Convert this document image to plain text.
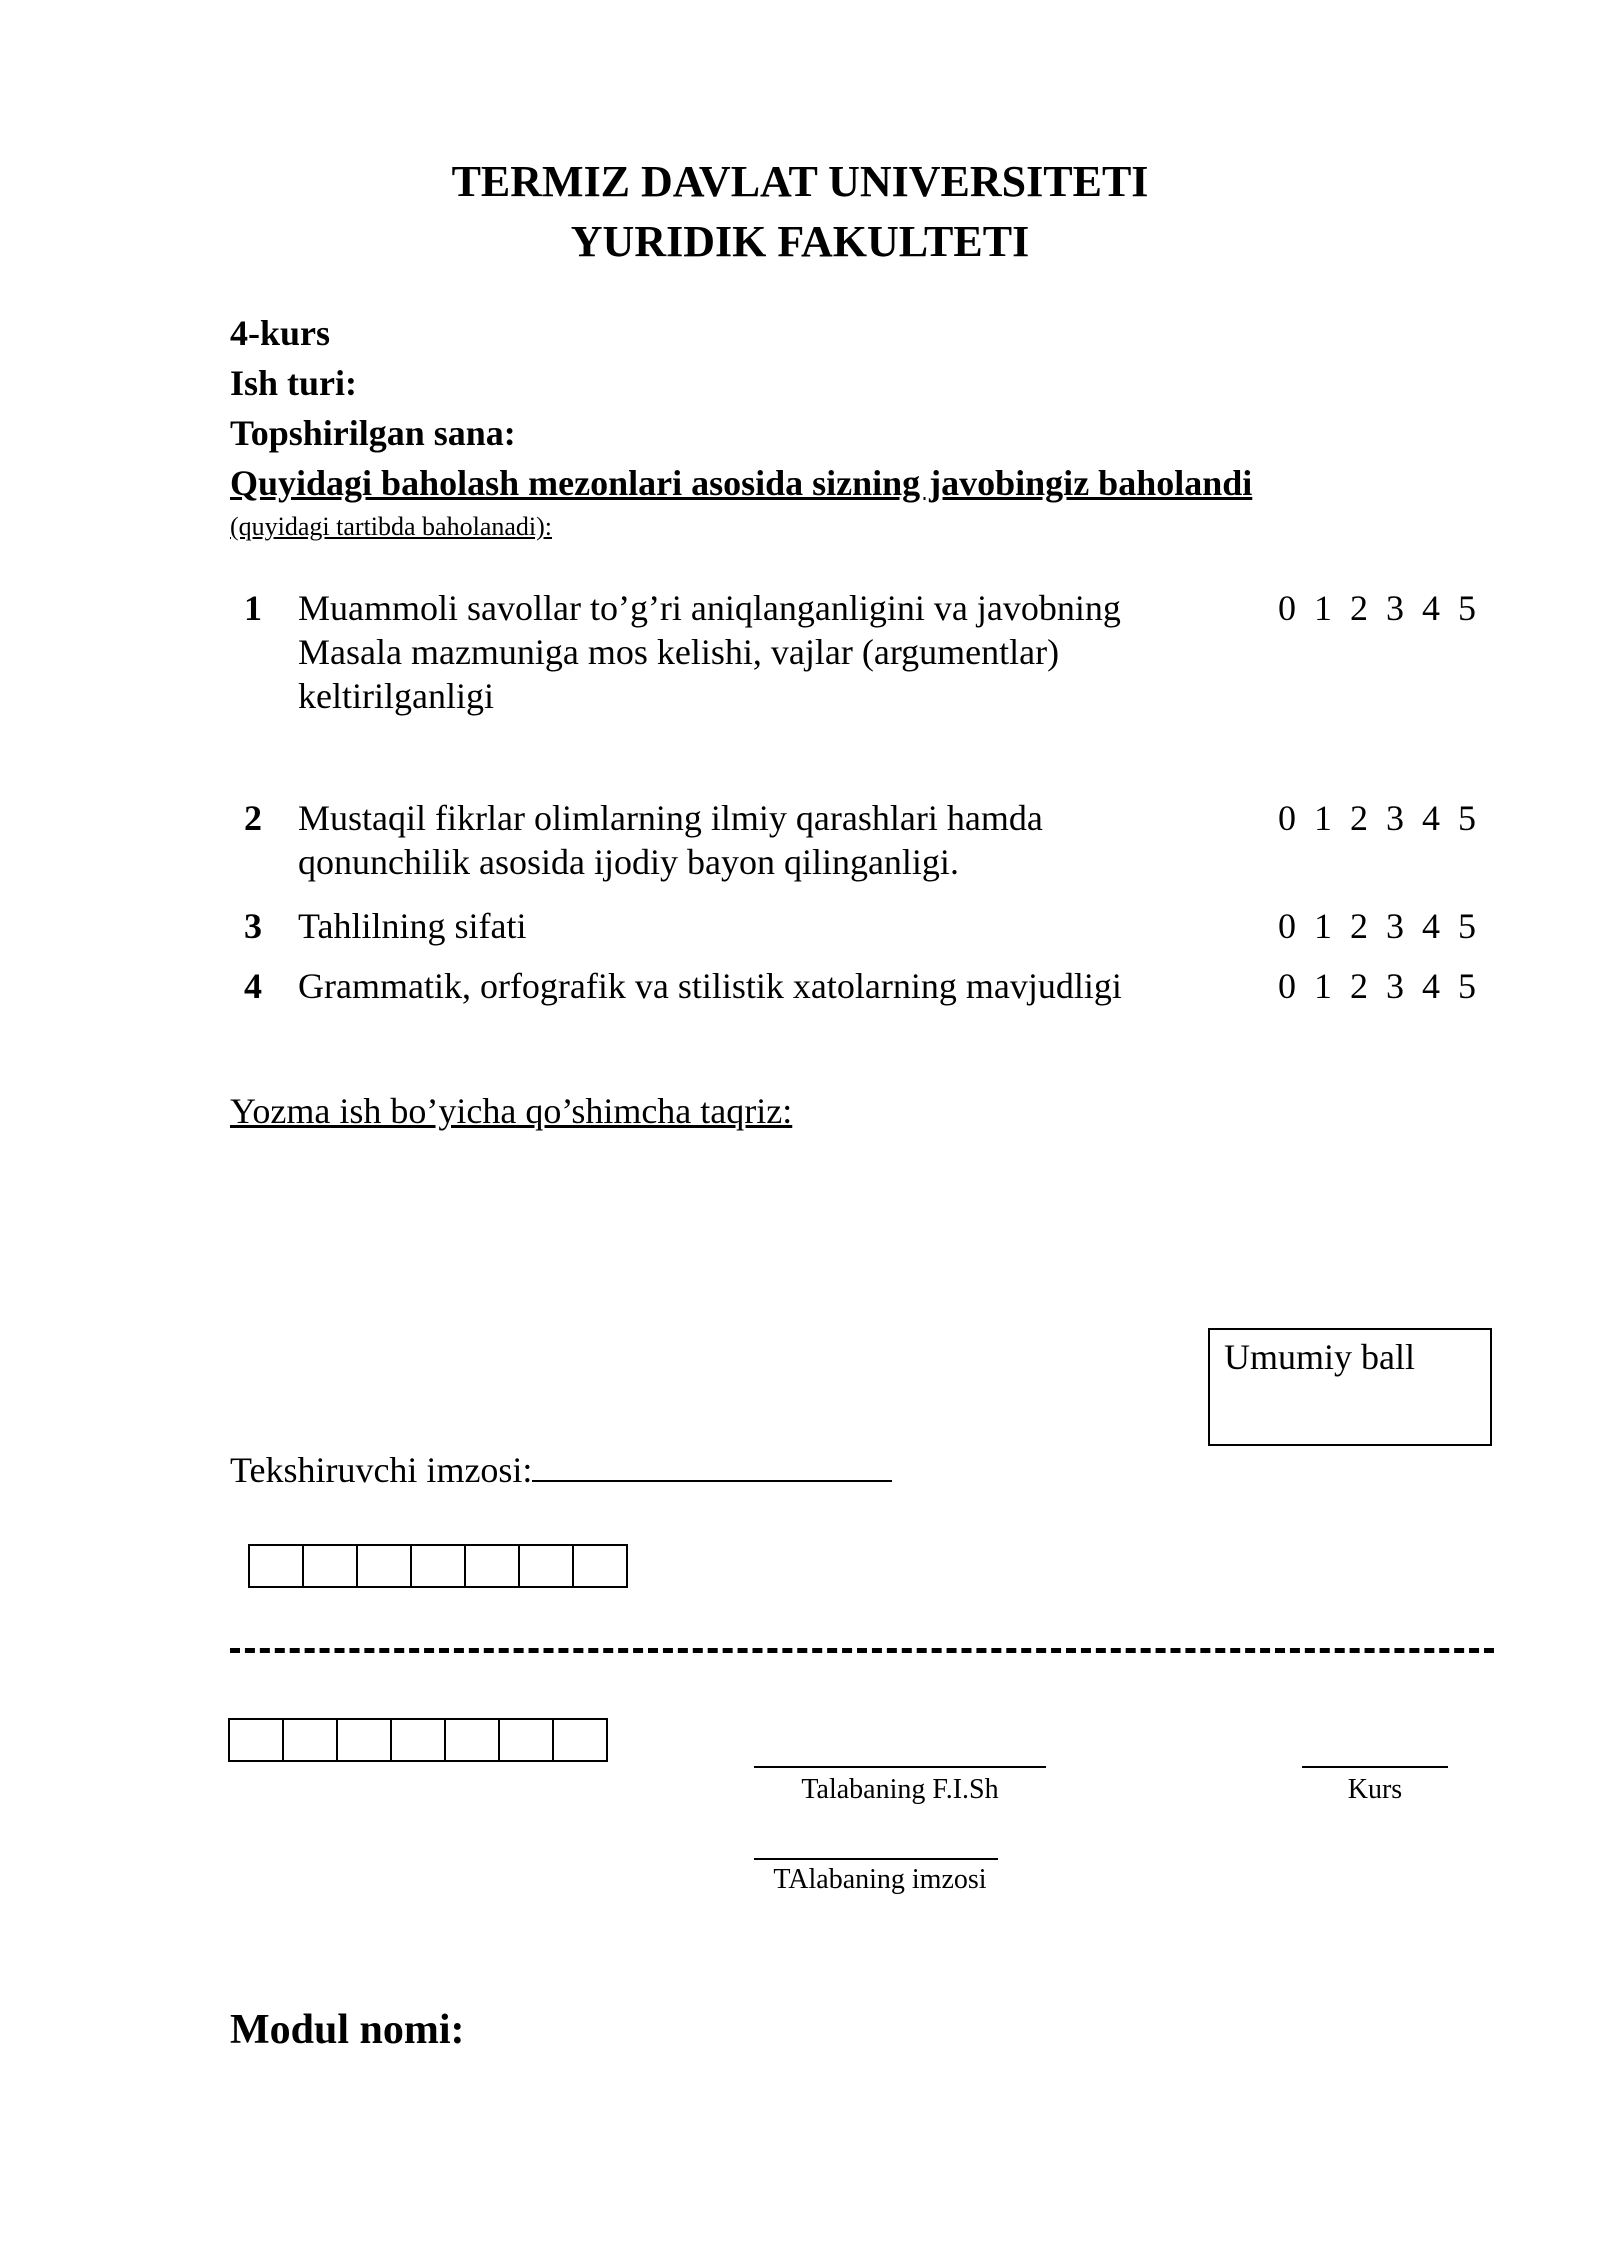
TERMIZ DAVLAT UNIVERSITETI
YURIDIK FAKULTETI
4-kurs
Ish turi:
Topshirilgan sana:
Quyidagi baholash mezonlari asosida sizning javobingiz baholandi
(quyidagi tartibda baholanadi):
1 Muammoli savollar to’g’ri aniqlanganligini va javobning
Masala mazmuniga mos kelishi, vajlar (argumentlar)
keltirilganligi
0 1 2 3 4 5
2 Mustaqil fikrlar olimlarning ilmiy qarashlari hamda
qonunchilik asosida ijodiy bayon qilinganligi.
0 1 2 3 4 5
3 Tahlilning sifati	0 1 2 3 4 5
4 Grammatik, orfografik va stilistik xatolarning mavjudligi	0 1 2 3 4 5
Yozma ish bo’yicha qo’shimcha taqriz:
Umumiy ball
Tekshiruvchi imzosi:
Talabaning F.I.Sh	Kurs
TAlabaning imzosi
Modul nomi:
